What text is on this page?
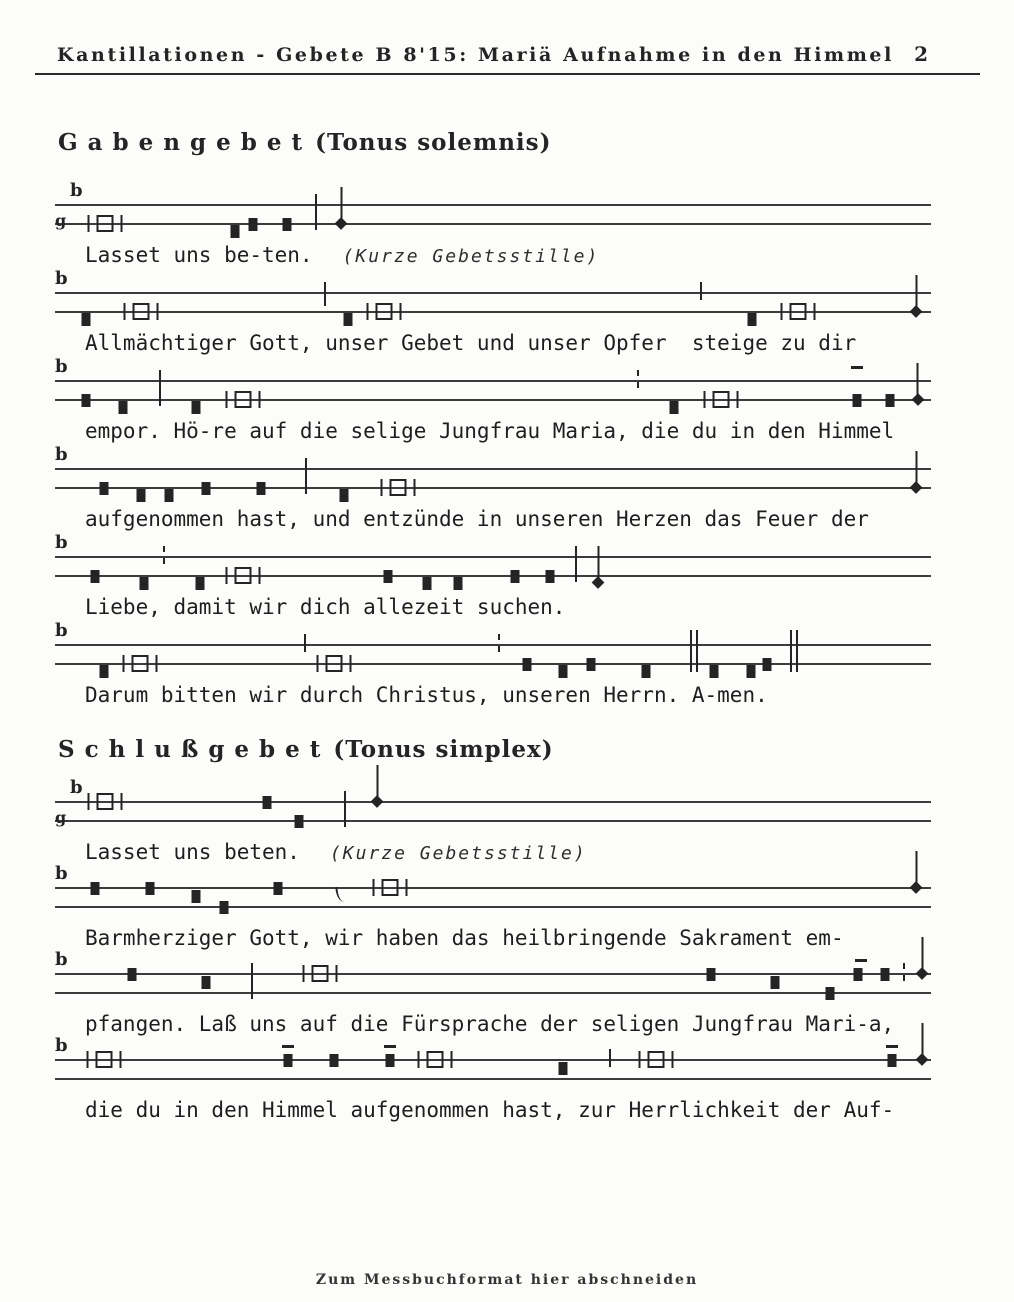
Kantillationen - Gebete B 8'15: Mariä Aufnahme in den Himmel 2
G a b e n g e b e t (Tonus solemnis)
b
g
Lasset uns be-ten. (Kurze Gebetsstille)
b
Allmächtiger Gott, unser Gebet und unser Opfer  steige zu dir
b
empor. Hö-re auf die selige Jungfrau Maria, die du in den Himmel
b
aufgenommen hast, und entzünde in unseren Herzen das Feuer der
b
Liebe, damit wir dich allezeit suchen.
b
Darum bitten wir durch Christus, unseren Herrn. A-men.
S c h l u ß g e b e t (Tonus simplex)
b
g
Lasset uns beten. (Kurze Gebetsstille)
b
Barmherziger Gott, wir haben das heilbringende Sakrament em-
b
pfangen. Laß uns auf die Fürsprache der seligen Jungfrau Mari-a,
b
die du in den Himmel aufgenommen hast, zur Herrlichkeit der Auf-
Zum Messbuchformat hier abschneiden
